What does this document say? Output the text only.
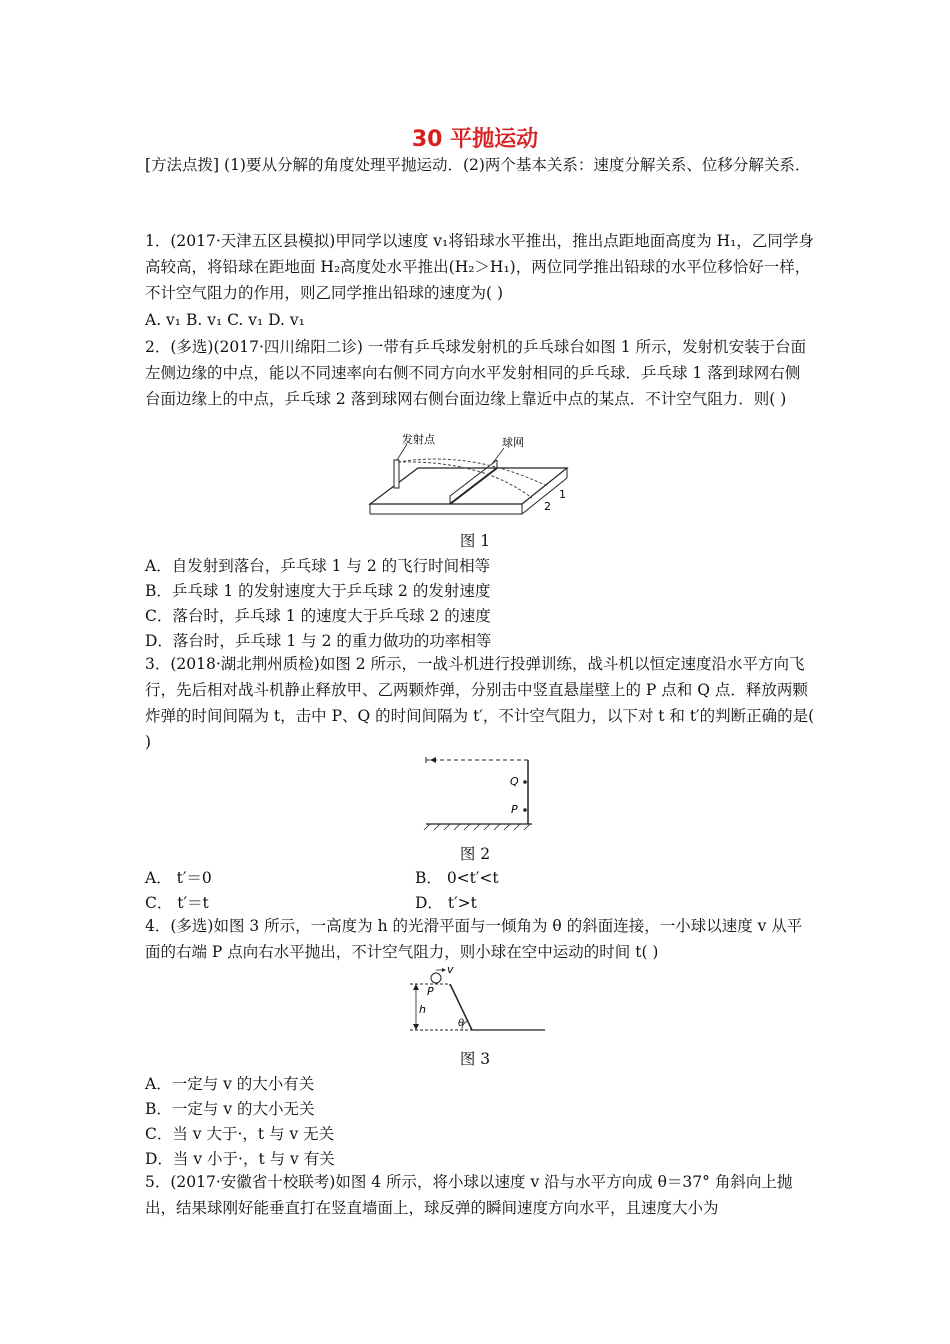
30 平抛运动
[方法点拨] (1)要从分解的角度处理平抛运动．(2)两个基本关系：速度分解关系、位移分解关系．
1．(2017·天津五区县模拟)甲同学以速度 v₁将铅球水平推出，推出点距地面高度为 H₁，乙同学身高较高，将铅球在距地面 H₂高度处水平推出(H₂＞H₁)，两位同学推出铅球的水平位移恰好一样，不计空气阻力的作用，则乙同学推出铅球的速度为( )
A. v₁ B. v₁ C. v₁ D. v₁
2．(多选)(2017·四川绵阳二诊) 一带有乒乓球发射机的乒乓球台如图 1 所示，发射机安装于台面左侧边缘的中点，能以不同速率向右侧不同方向水平发射相同的乒乓球．乒乓球 1 落到球网右侧台面边缘上的中点，乒乓球 2 落到球网右侧台面边缘上靠近中点的某点．不计空气阻力．则( )
发射点	球网
1
2
图 1
A．自发射到落台，乒乓球 1 与 2 的飞行时间相等
B．乒乓球 1 的发射速度大于乒乓球 2 的发射速度
C．落台时，乒乓球 1 的速度大于乒乓球 2 的速度
D．落台时，乒乓球 1 与 2 的重力做功的功率相等
3．(2018·湖北荆州质检)如图 2 所示，一战斗机进行投弹训练，战斗机以恒定速度沿水平方向飞行，先后相对战斗机静止释放甲、乙两颗炸弹，分别击中竖直悬崖壁上的 P 点和 Q 点．释放两颗炸弹的时间间隔为 t，击中 P、Q 的时间间隔为 t′，不计空气阻力，以下对 t 和 t′的判断正确的是( )
Q
P
图 2
A． t′＝0	B． 0<t′<t
C． t′＝t	D． t′>t
4．(多选)如图 3 所示，一高度为 h 的光滑平面与一倾角为 θ 的斜面连接，一小球以速度 v 从平面的右端 P 点向右水平抛出，不计空气阻力，则小球在空中运动的时间 t( )
v
P
h
θ
图 3
A．一定与 v 的大小有关
B．一定与 v 的大小无关
C．当 v 大于·，t 与 v 无关
D．当 v 小于·，t 与 v 有关
5．(2017·安徽省十校联考)如图 4 所示，将小球以速度 v 沿与水平方向成 θ＝37° 角斜向上抛出，结果球刚好能垂直打在竖直墙面上，球反弹的瞬间速度方向水平，且速度大小为
